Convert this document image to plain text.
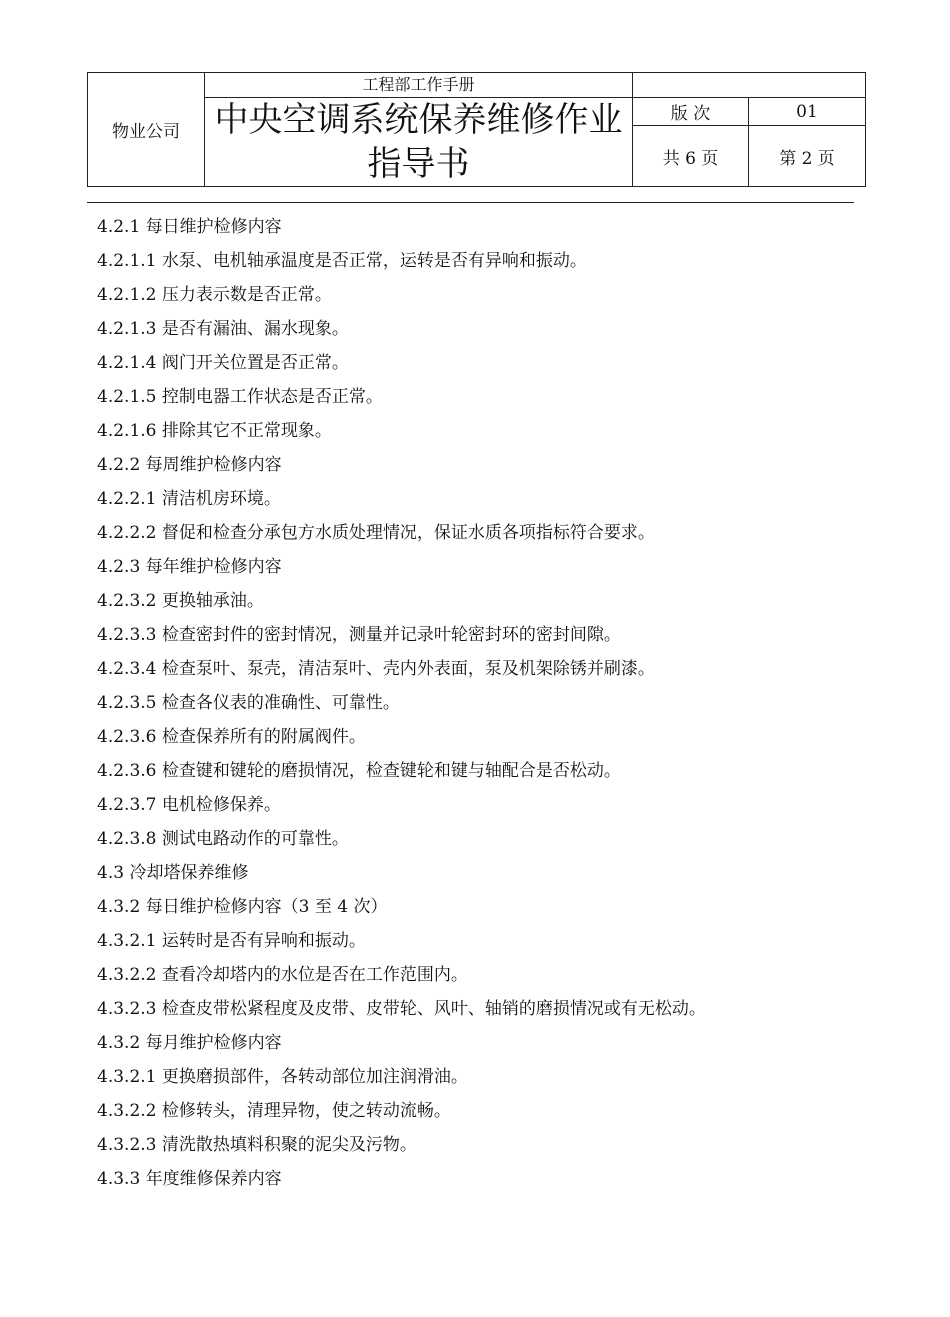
物业公司	工程部工作手册		
	中央空调系统保养维修作业指导书	版 次	01
		共 6 页	第 2 页
4.2.1 每日维护检修内容
4.2.1.1 水泵、电机轴承温度是否正常，运转是否有异响和振动。
4.2.1.2 压力表示数是否正常。
4.2.1.3 是否有漏油、漏水现象。
4.2.1.4 阀门开关位置是否正常。
4.2.1.5 控制电器工作状态是否正常。
4.2.1.6 排除其它不正常现象。
4.2.2 每周维护检修内容
4.2.2.1 清洁机房环境。
4.2.2.2 督促和检查分承包方水质处理情况，保证水质各项指标符合要求。
4.2.3 每年维护检修内容
4.2.3.2 更换轴承油。
4.2.3.3 检查密封件的密封情况，测量并记录叶轮密封环的密封间隙。
4.2.3.4 检查泵叶、泵壳，清洁泵叶、壳内外表面，泵及机架除锈并刷漆。
4.2.3.5 检查各仪表的准确性、可靠性。
4.2.3.6 检查保养所有的附属阀件。
4.2.3.6 检查键和键轮的磨损情况，检查键轮和键与轴配合是否松动。
4.2.3.7 电机检修保养。
4.2.3.8 测试电路动作的可靠性。
4.3 冷却塔保养维修
4.3.2 每日维护检修内容（3 至 4 次）
4.3.2.1 运转时是否有异响和振动。
4.3.2.2 查看冷却塔内的水位是否在工作范围内。
4.3.2.3 检查皮带松紧程度及皮带、皮带轮、风叶、轴销的磨损情况或有无松动。
4.3.2 每月维护检修内容
4.3.2.1 更换磨损部件，各转动部位加注润滑油。
4.3.2.2 检修转头，清理异物，使之转动流畅。
4.3.2.3 清洗散热填料积聚的泥尖及污物。
4.3.3 年度维修保养内容
